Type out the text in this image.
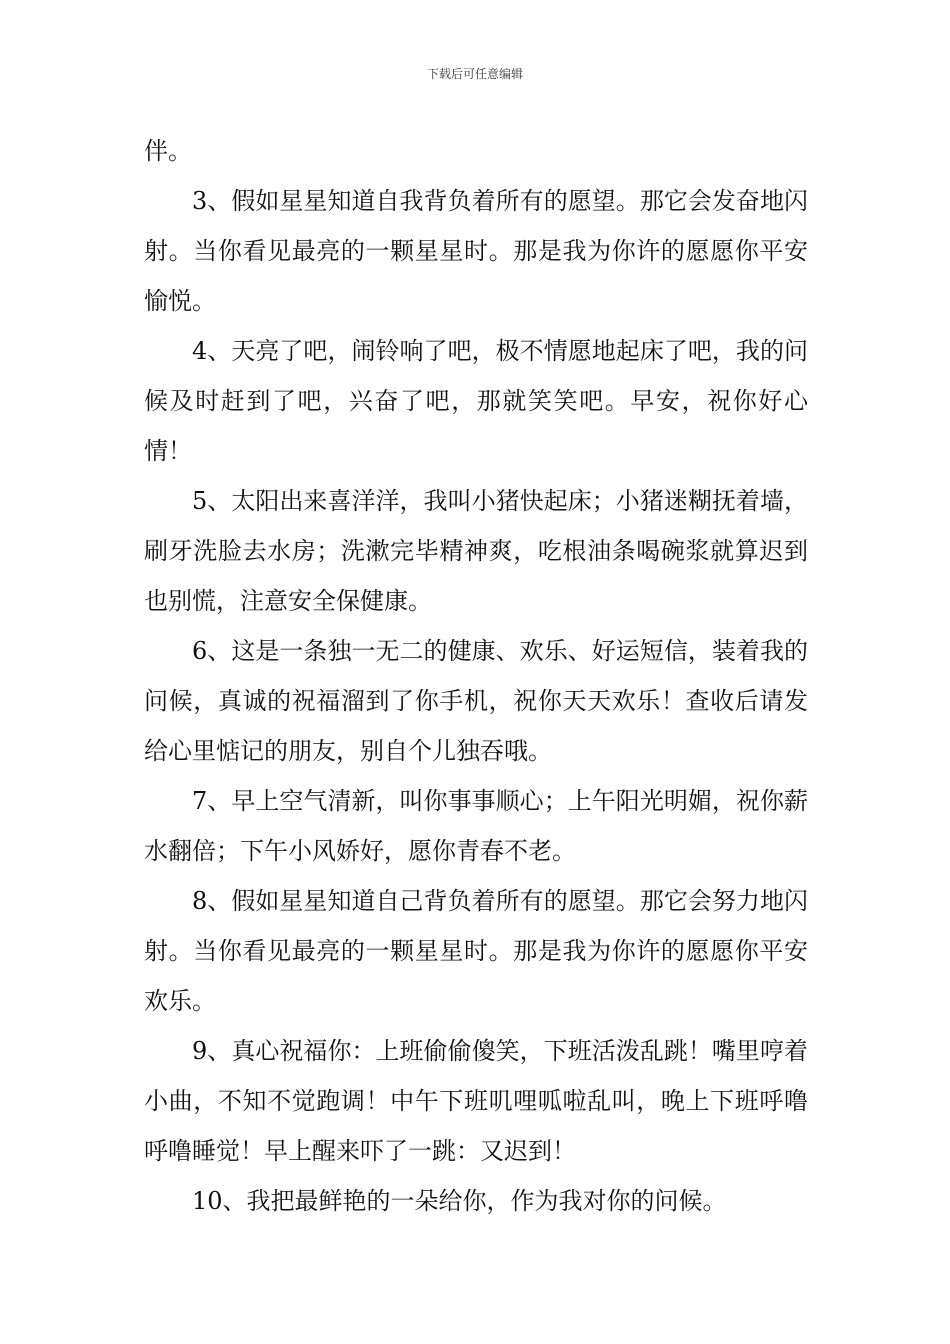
下载后可任意编辑

伴。

3、假如星星知道自我背负着所有的愿望。那它会发奋地闪射。当你看见最亮的一颗星星时。那是我为你许的愿愿你平安愉悦。

4、天亮了吧，闹铃响了吧，极不情愿地起床了吧，我的问候及时赶到了吧，兴奋了吧，那就笑笑吧。早安，祝你好心情！

5、太阳出来喜洋洋，我叫小猪快起床；小猪迷糊抚着墙，刷牙洗脸去水房；洗漱完毕精神爽，吃根油条喝碗浆就算迟到也别慌，注意安全保健康。

6、这是一条独一无二的健康、欢乐、好运短信，装着我的问候，真诚的祝福溜到了你手机，祝你天天欢乐！查收后请发给心里惦记的朋友，别自个儿独吞哦。

7、早上空气清新，叫你事事顺心；上午阳光明媚，祝你薪水翻倍；下午小风娇好，愿你青春不老。

8、假如星星知道自己背负着所有的愿望。那它会努力地闪射。当你看见最亮的一颗星星时。那是我为你许的愿愿你平安欢乐。

9、真心祝福你：上班偷偷傻笑，下班活泼乱跳！嘴里哼着小曲，不知不觉跑调！中午下班叽哩呱啦乱叫，晚上下班呼噜呼噜睡觉！早上醒来吓了一跳：又迟到！

10、我把最鲜艳的一朵给你，作为我对你的问候。
